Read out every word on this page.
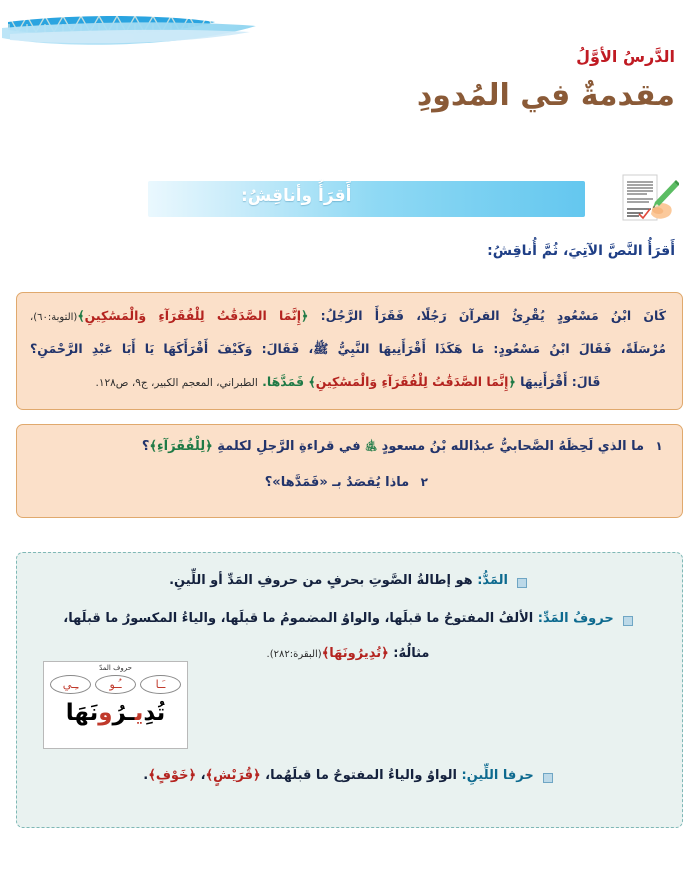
الدَّرسُ الأوَّلُ
مقدمةٌ في المُدودِ
أَقرَأُ وأناقِشُ:
أَقرَأُ النَّصَّ الآتِيَ، ثُمَّ أُناقِشُ:
كَانَ ابْنُ مَسْعُودٍ يُقْرِئُ القرآنَ رَجُلًا، فَقَرَأَ الرَّجُلُ: ﴿إِنَّمَا الصَّدَقَٰتُ لِلْفُقَرَآءِ وَالْمَسَٰكِينِ﴾(التوبة:٦٠)،
مُرْسَلَةً، فَقَالَ ابْنُ مَسْعُودٍ: مَا هَكَذَا أَقْرَأَنِيهَا النَّبِيُّ ﷺ، فَقَالَ: وَكَيْفَ أَقْرَأَكَهَا يَا أَبَا عَبْدِ الرَّحْمَنِ؟
قَالَ: أَقْرَأَنِيهَا ﴿إِنَّمَا الصَّدَقَٰتُ لِلْفُقَرَآءِ وَالْمَسَٰكِينِ﴾ فَمَدَّهَا. الطبراني، المعجم الكبير، ج٩، ص١٢٨.
١
ما الذي لَحِظَهُ الصَّحابيُّ عبدُالله بْنُ مسعودٍ ﵁ في قراءةِ الرَّجلِ لكلمةِ ﴿لِلْفُقَرَآءِ﴾؟
٢
ماذا يُقصَدُ بـ «فَمَدَّها»؟
المَدُّ: هو إطالةُ الصَّوتِ بحرفٍ من حروفِ المَدِّ أو اللِّينِ.
حروفُ المَدِّ: الألفُ المفتوحُ ما قبلَها، والواوُ المضمومُ ما قبلَها، والياءُ المكسورُ ما قبلَها،
مثالُهُ: ﴿تُدِيرُونَهَا﴾(البقرة:٢٨٢).
حروف المدّ
ـِـي	ـُـو	ـَـا
تُدِيـرُونَهَا
حرفا اللِّينِ: الواوُ والياءُ المفتوحُ ما قبلَهُما، ﴿قُرَيْشٍ﴾، ﴿خَوْفٍ﴾.
